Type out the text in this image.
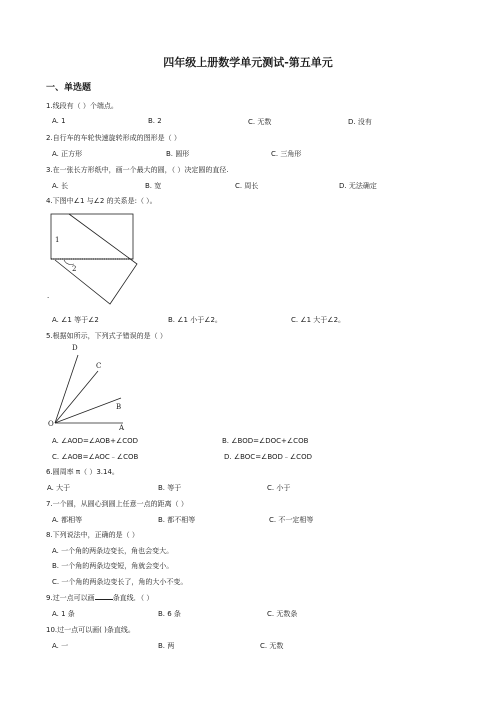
四年级上册数学单元测试-第五单元
一、单选题
1.线段有（ ）个端点。
A. 1	B. 2	C. 无数	D. 没有
2.自行车的车轮快速旋转形成的图形是（ ）
A. 正方形	B. 圆形	C. 三角形
3.在一张长方形纸中，画一个最大的圆，（ ）决定圆的直径.
A. 长	B. 宽	C. 周长	D. 无法确定
4.下图中∠1 与∠2 的关系是:（ ）。
1
2
.
A. ∠1 等于∠2	B. ∠1 小于∠2。	C. ∠1 大于∠2。
5.根据如所示，下列式子错误的是（ ）
D
C
B
O	A
A. ∠AOD=∠AOB+∠COD	B. ∠BOD=∠DOC+∠COB
C. ∠AOB=∠AOC﹣∠COB	D. ∠BOC=∠BOD﹣∠COD
6.圆周率 π（ ）3.14。
A. 大于	B. 等于	C. 小于
7.一个圆，从圆心到圆上任意一点的距离（ ）
A. 都相等	B. 都不相等	C. 不一定相等
8.下列说法中，正确的是（ ）
A. 一个角的两条边变长，角也会变大。
B. 一个角的两条边变短，角就会变小。
C. 一个角的两条边变长了，角的大小不变。
9.过一点可以画	条直线．（ ）
A. 1 条	B. 6 条	C. 无数条
10.过一点可以画( )条直线。
A. 一	B. 两	C. 无数
